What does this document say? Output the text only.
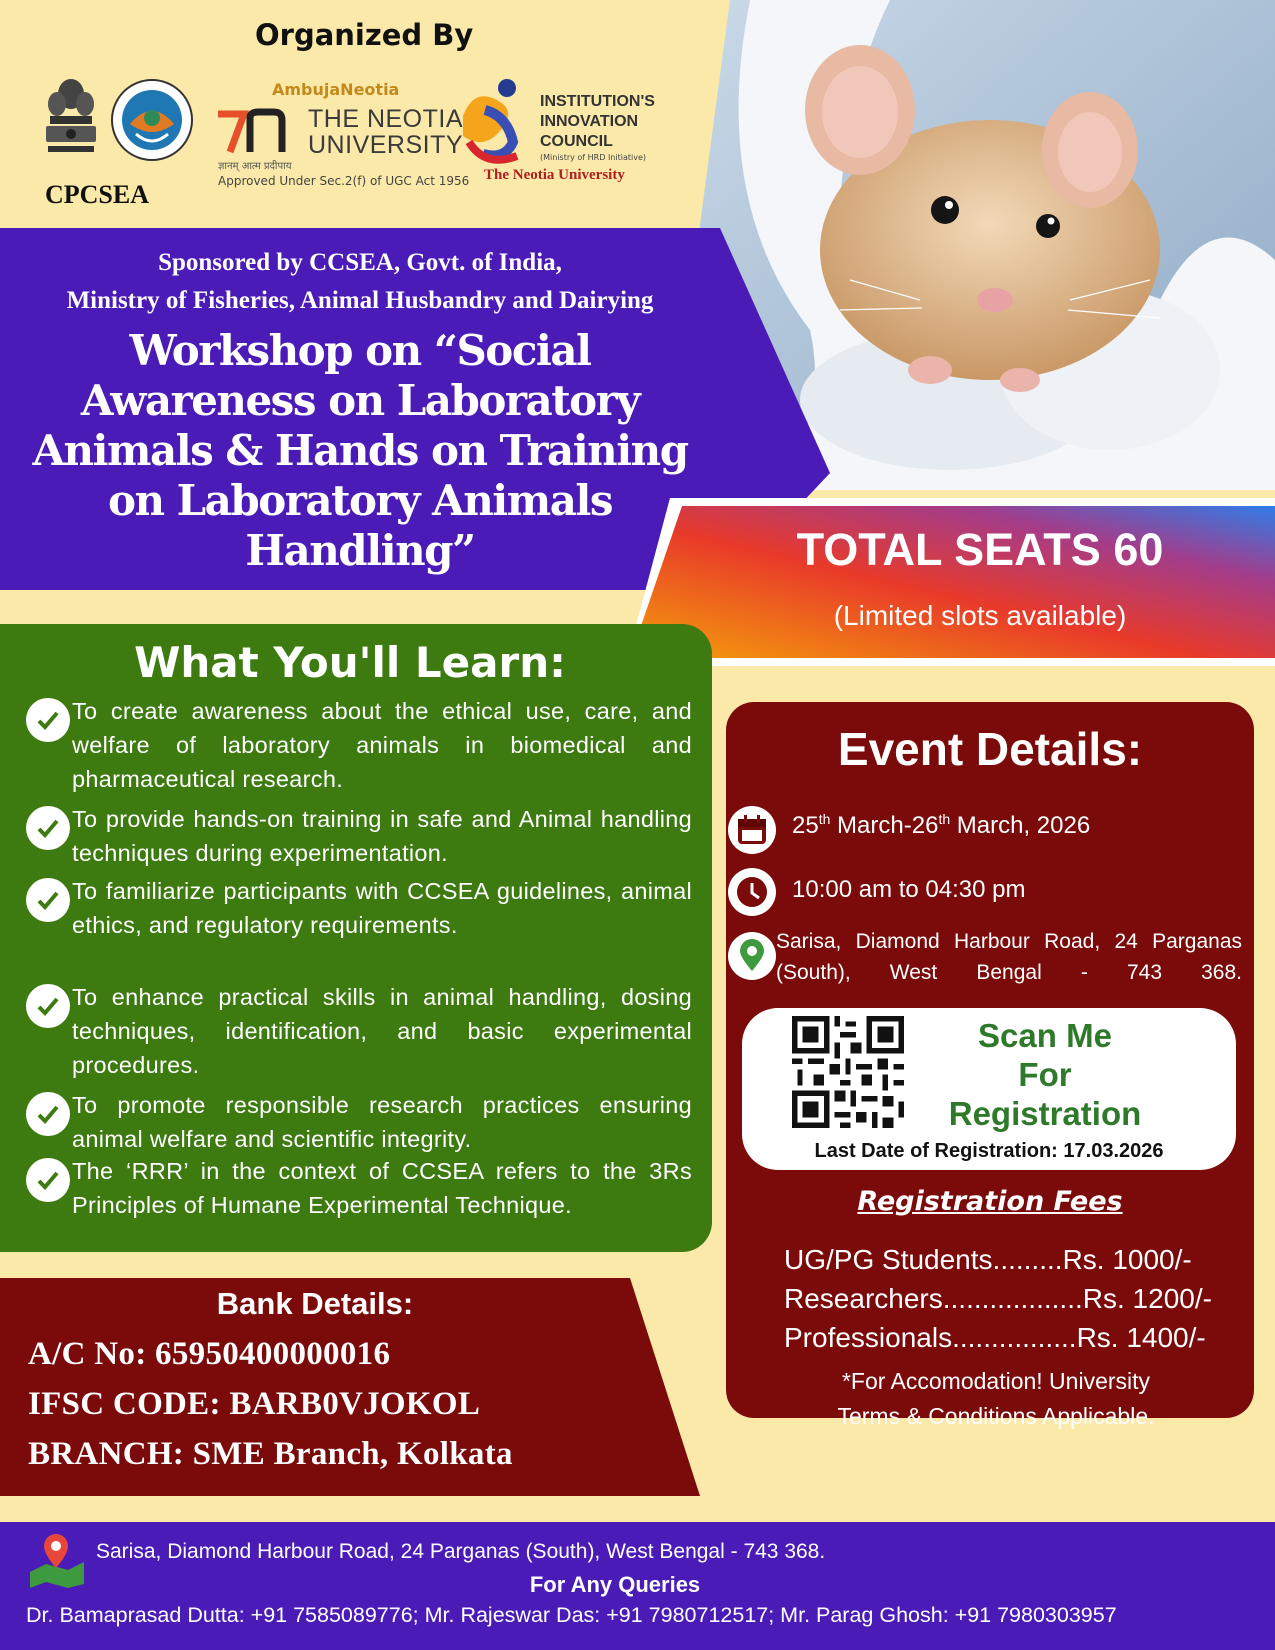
Organized By
CPCSEA
AmbujaNeotia
THE NEOTIA
UNIVERSITY
ज्ञानम् आत्म प्रदीपाय
Approved Under Sec.2(f) of UGC Act 1956
INSTITUTION'S
INNOVATION
COUNCIL
(Ministry of HRD Initiative)
The Neotia University
Sponsored by CCSEA, Govt. of India,
Ministry of Fisheries, Animal Husbandry and Dairying
Workshop on “Social
Awareness on Laboratory
Animals & Hands on Training
on Laboratory Animals
Handling”	TOTAL SEATS 60
(Limited slots available)
What You'll Learn:
To create awareness about the ethical use, care, and welfare of laboratory animals in biomedical and pharmaceutical research.
To provide hands-on training in safe and Animal handling techniques during experimentation.
To familiarize participants with CCSEA guidelines, animal ethics, and regulatory requirements.
To enhance practical skills in animal handling, dosing techniques, identification, and basic experimental procedures.
To promote responsible research practices ensuring animal welfare and scientific integrity.
The ‘RRR’ in the context of CCSEA refers to the 3Rs Principles of Humane Experimental Technique.
Bank Details:
A/C No: 65950400000016
IFSC CODE: BARB0VJOKOL
BRANCH: SME Branch, Kolkata
Event Details:
25th March-26th March, 2026
10:00 am to 04:30 pm
Sarisa, Diamond Harbour Road, 24 Parganas (South), West Bengal - 743 368.
Scan Me
For
Registration
Last Date of Registration: 17.03.2026
Registration Fees
UG/PG Students.........Rs. 1000/-
Researchers..................Rs. 1200/-
Professionals................Rs. 1400/-
*For Accomodation! University
Terms & Conditions Applicable.
Sarisa, Diamond Harbour Road, 24 Parganas (South), West Bengal - 743 368.
For Any Queries
Dr. Bamaprasad Dutta: +91 7585089776; Mr. Rajeswar Das: +91 7980712517; Mr. Parag Ghosh: +91 7980303957
